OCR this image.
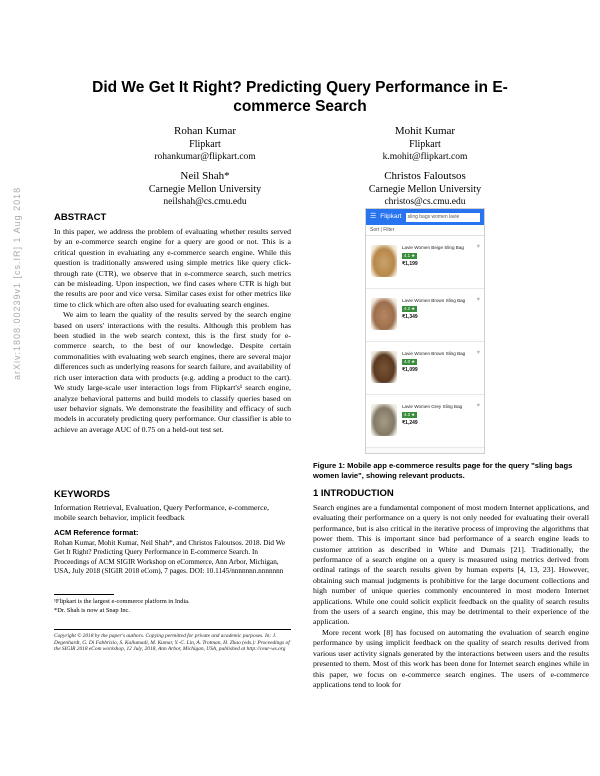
Did We Get It Right? Predicting Query Performance in E-commerce Search
Rohan Kumar
Flipkart
rohankumar@flipkart.com
Mohit Kumar
Flipkart
k.mohit@flipkart.com
Neil Shah*
Carnegie Mellon University
neilshah@cs.cmu.edu
Christos Faloutsos
Carnegie Mellon University
christos@cs.cmu.edu
arXiv:1808.00239v1 [cs.IR] 1 Aug 2018	ABSTRACT

In this paper, we address the problem of evaluating whether results served by an e-commerce search engine for a query are good or not. This is a critical question in evaluating any e-commerce search engine. While this question is traditionally answered using simple metrics like query click-through rate (CTR), we observe that in e-commerce search, such metrics can be misleading. Upon inspection, we find cases where CTR is high but the results are poor and vice versa. Similar cases exist for other metrics like time to click which are often also used for evaluating search engines.

We aim to learn the quality of the results served by the search engine based on users' interactions with the results. Although this problem has been studied in the web search context, this is the first study for e-commerce search, to the best of our knowledge. Despite certain commonalities with evaluating web search engines, there are several major differences such as underlying reasons for search failure, and availability of rich user interaction data with products (e.g. adding a product to the cart). We study large-scale user interaction logs from Flipkart's¹ search engine, analyze behavioral patterns and build models to classify queries based on user behavior signals. We demonstrate the feasibility and efficacy of such models in accurately predicting query performance. Our classifier is able to achieve an average AUC of 0.75 on a held-out test set.

KEYWORDS
Information Retrieval, Evaluation, Query Performance, e-commerce, mobile search behavior, implicit feedback
ACM Reference format:
Rohan Kumar, Mohit Kumar, Neil Shah*, and Christos Faloutsos. 2018. Did We Get It Right? Predicting Query Performance in E-commerce Search. In Proceedings of ACM SIGIR Workshop on eCommerce, Ann Arbor, Michigan, USA, July 2018 (SIGIR 2018 eCom), 7 pages. DOI: 10.1145/nnnnnnn.nnnnnnn
¹Flipkart is the largest e-commerce platform in India.
*Dr. Shah is now at Snap Inc.
Copyright © 2018 by the paper's authors. Copying permitted for private and academic purposes. In: J. Degenhardt, G. Di Fabbrizio, S. Kallumadi, M. Kumar, Y.-C. Lin, A. Trotman, H. Zhao (eds.): Proceedings of the SIGIR 2018 eCom workshop, 12 July, 2018, Ann Arbor, Michigan, USA, published at http://ceur-ws.org
☰ Flipkart	sling bags women lavie
Sort | Filter
Lavie Women Beige Sling Bag
4.1 ★
₹1,199
♥
Lavie Women Brown Sling Bag
4.2 ★
₹1,349
♥
Lavie Women Brown Sling Bag
4.0 ★
₹1,099
♥
Lavie Women Grey Sling Bag
4.3 ★
₹1,249
♥
Figure 1: Mobile app e-commerce results page for the query "sling bags women lavie", showing relevant products.
1 INTRODUCTION

Search engines are a fundamental component of most modern Internet applications, and evaluating their performance on a query is not only needed for evaluating their overall performance, but is also critical in the iterative process of improving the algorithms that power them. This is important since bad performance of a search engine leads to customer attrition as described in White and Dumais [21]. Traditionally, the performance of a search engine on a query is measured using metrics derived from ordinal ratings of the search results given by human experts [4, 13, 23]. However, obtaining such manual judgments is prohibitive for the large document collections and high number of unique queries commonly encountered in most modern Internet applications. While one could solicit explicit feedback on the quality of search results from the users of a search engine, this may be detrimental to their experience of the application.

More recent work [8] has focused on automating the evaluation of search engine performance by using implicit feedback on the quality of search results derived from various user activity signals generated by the interactions between users and the results presented to them. Most of this work has been done for Internet search engines while in this paper, we focus on e-commerce search engines. The users of e-commerce applications tend to look for
